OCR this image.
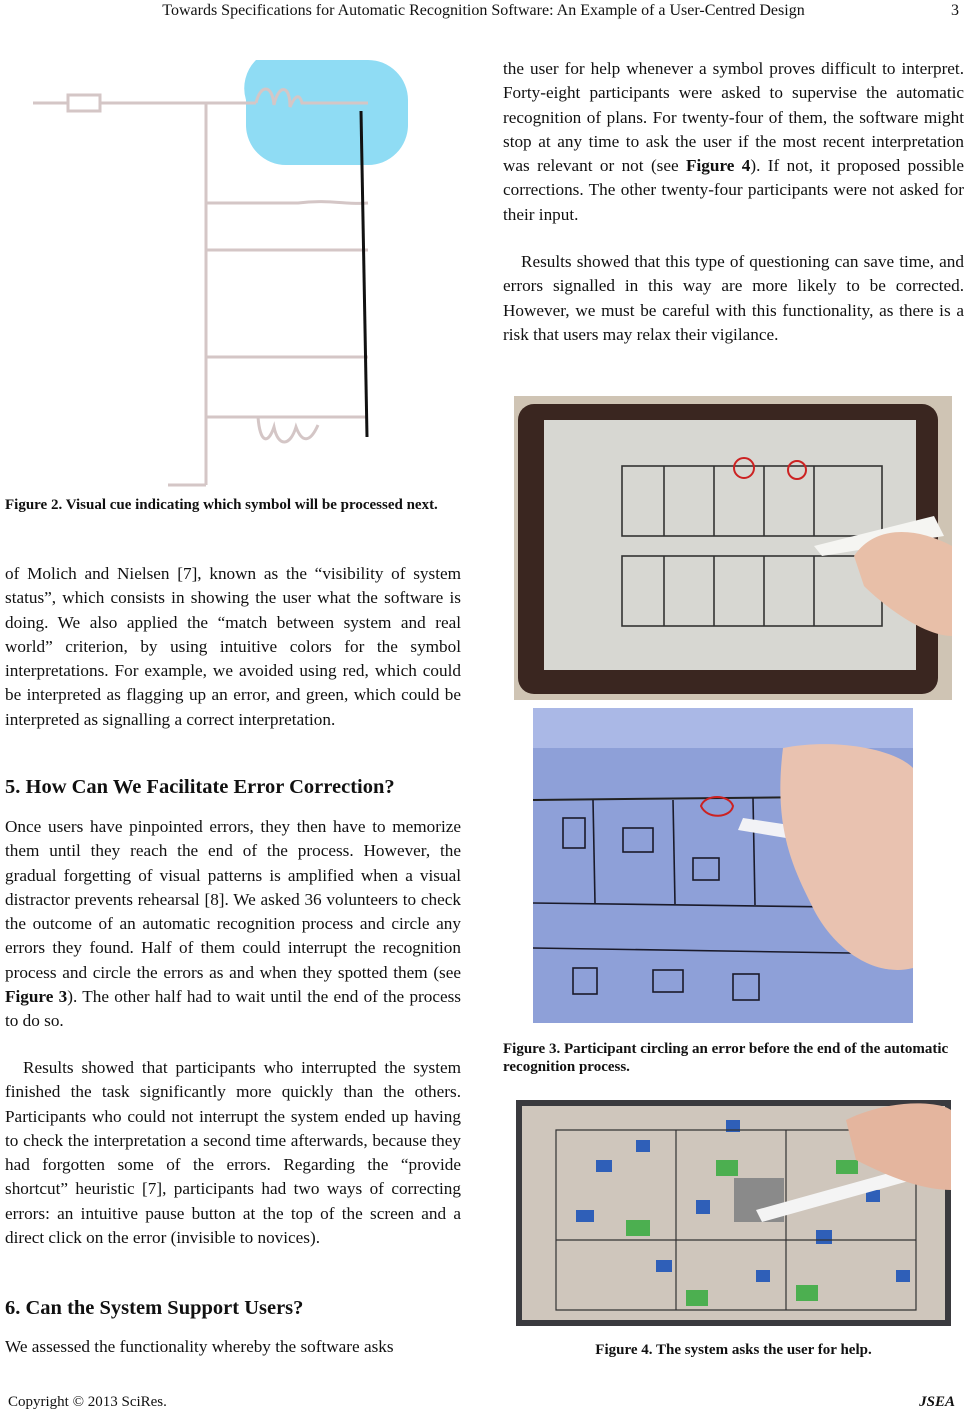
Towards Specifications for Automatic Recognition Software: An Example of a User-Centred Design	3

Figure 2. Visual cue indicating which symbol will be processed next.

of Molich and Nielsen [7], known as the “visibility of system status”, which consists in showing the user what the software is doing. We also applied the “match between system and real world” criterion, by using intuitive colors for the symbol interpretations. For example, we avoided using red, which could be interpreted as flagging up an error, and green, which could be interpreted as signalling a correct interpretation.

5. How Can We Facilitate Error Correction?

Once users have pinpointed errors, they then have to memorize them until they reach the end of the process. However, the gradual forgetting of visual patterns is amplified when a visual distractor prevents rehearsal [8]. We asked 36 volunteers to check the outcome of an automatic recognition process and circle any errors they found. Half of them could interrupt the recognition process and circle the errors as and when they spotted them (see Figure 3). The other half had to wait until the end of the process to do so.

Results showed that participants who interrupted the system finished the task significantly more quickly than the others. Participants who could not interrupt the system ended up having to check the interpretation a second time afterwards, because they had forgotten some of the errors. Regarding the “provide shortcut” heuristic [7], participants had two ways of correcting errors: an intuitive pause button at the top of the screen and a direct click on the error (invisible to novices).

6. Can the System Support Users?

We assessed the functionality whereby the software asks

the user for help whenever a symbol proves difficult to interpret. Forty-eight participants were asked to supervise the automatic recognition of plans. For twenty-four of them, the software might stop at any time to ask the user if the most recent interpretation was relevant or not (see Figure 4). If not, it proposed possible corrections. The other twenty-four participants were not asked for their input.

Results showed that this type of questioning can save time, and errors signalled in this way are more likely to be corrected. However, we must be careful with this functionality, as there is a risk that users may relax their vigilance.

Figure 3. Participant circling an error before the end of the automatic recognition process.

Figure 4. The system asks the user for help.

Copyright © 2013 SciRes.	JSEA
